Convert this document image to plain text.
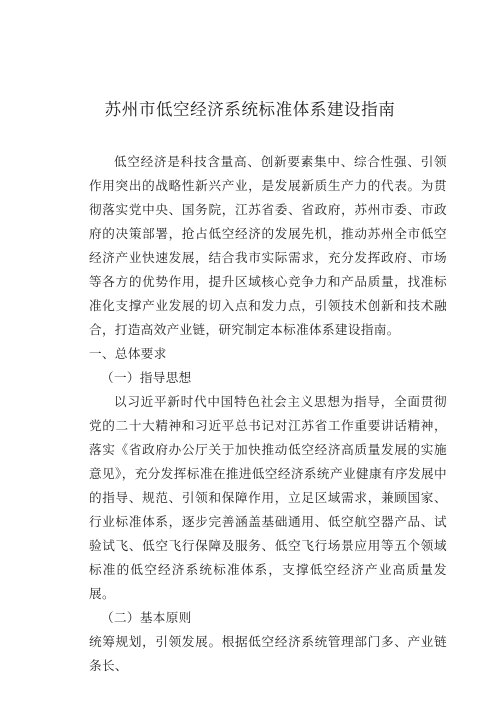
苏州市低空经济系统标准体系建设指南

低空经济是科技含量高、创新要素集中、综合性强、引领作用突出的战略性新兴产业，是发展新质生产力的代表。为贯彻落实党中央、国务院，江苏省委、省政府，苏州市委、市政府的决策部署，抢占低空经济的发展先机，推动苏州全市低空经济产业快速发展，结合我市实际需求，充分发挥政府、市场等各方的优势作用，提升区域核心竞争力和产品质量，找准标准化支撑产业发展的切入点和发力点，引领技术创新和技术融合，打造高效产业链，研究制定本标准体系建设指南。

一、总体要求

（一）指导思想

以习近平新时代中国特色社会主义思想为指导，全面贯彻党的二十大精神和习近平总书记对江苏省工作重要讲话精神，落实《省政府办公厅关于加快推动低空经济高质量发展的实施意见》，充分发挥标准在推进低空经济系统产业健康有序发展中的指导、规范、引领和保障作用，立足区域需求，兼顾国家、行业标准体系，逐步完善涵盖基础通用、低空航空器产品、试验试飞、低空飞行保障及服务、低空飞行场景应用等五个领域标准的低空经济系统标准体系，支撑低空经济产业高质量发展。

（二）基本原则

统筹规划，引领发展。根据低空经济系统管理部门多、产业链条长、
